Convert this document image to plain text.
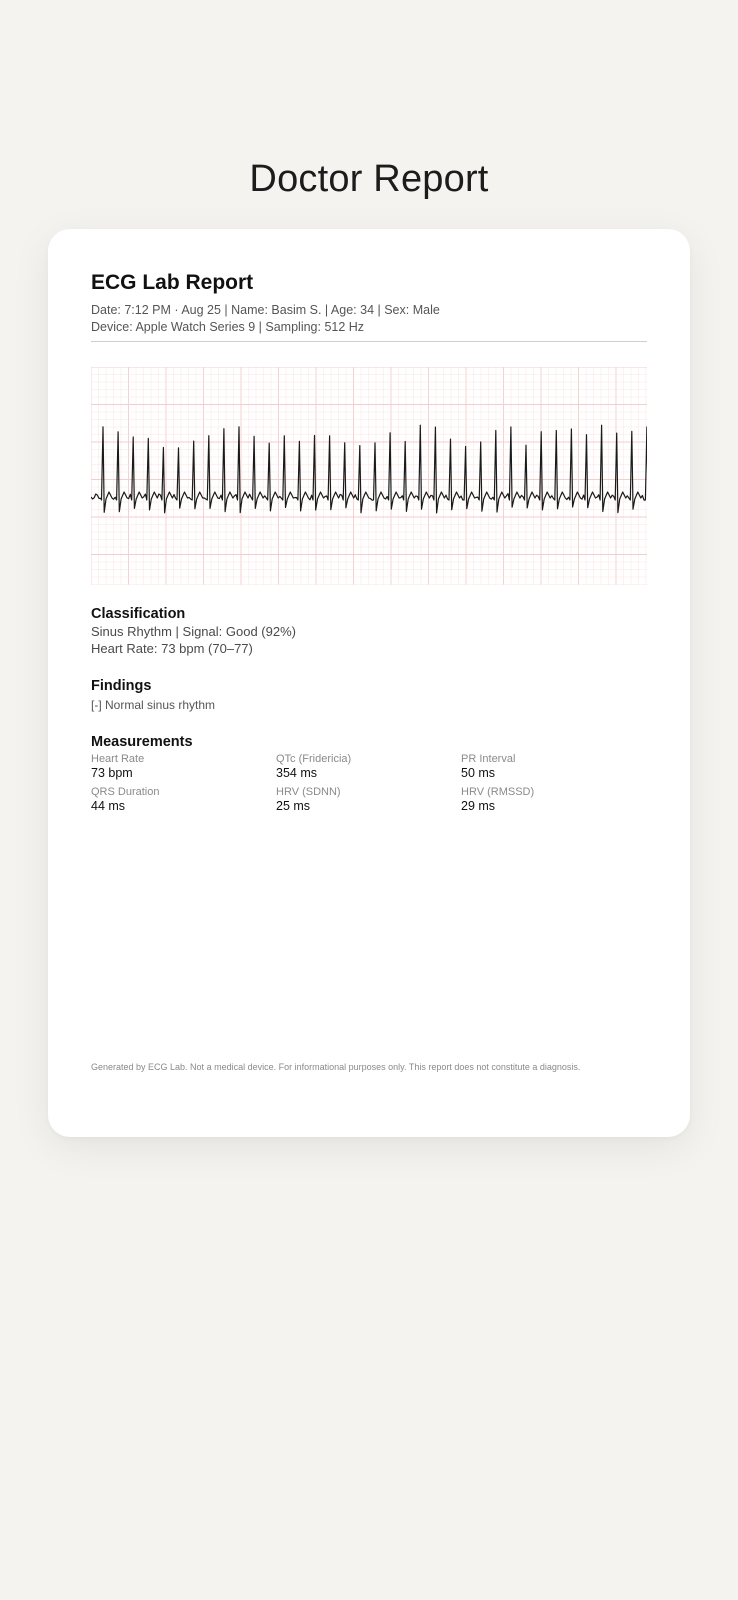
Doctor Report
ECG Lab Report
Date: 7:12 PM · Aug 25 | Name: Basim S. | Age: 34 | Sex: Male
Device: Apple Watch Series 9 | Sampling: 512 Hz
Classification
Sinus Rhythm | Signal: Good (92%)
Heart Rate: 73 bpm (70–77)
Findings
[-] Normal sinus rhythm
Measurements
Heart Rate
73 bpm
QTc (Fridericia)
354 ms
PR Interval
50 ms
QRS Duration
44 ms
HRV (SDNN)
25 ms
HRV (RMSSD)
29 ms
Generated by ECG Lab. Not a medical device. For informational purposes only. This report does not constitute a diagnosis.
